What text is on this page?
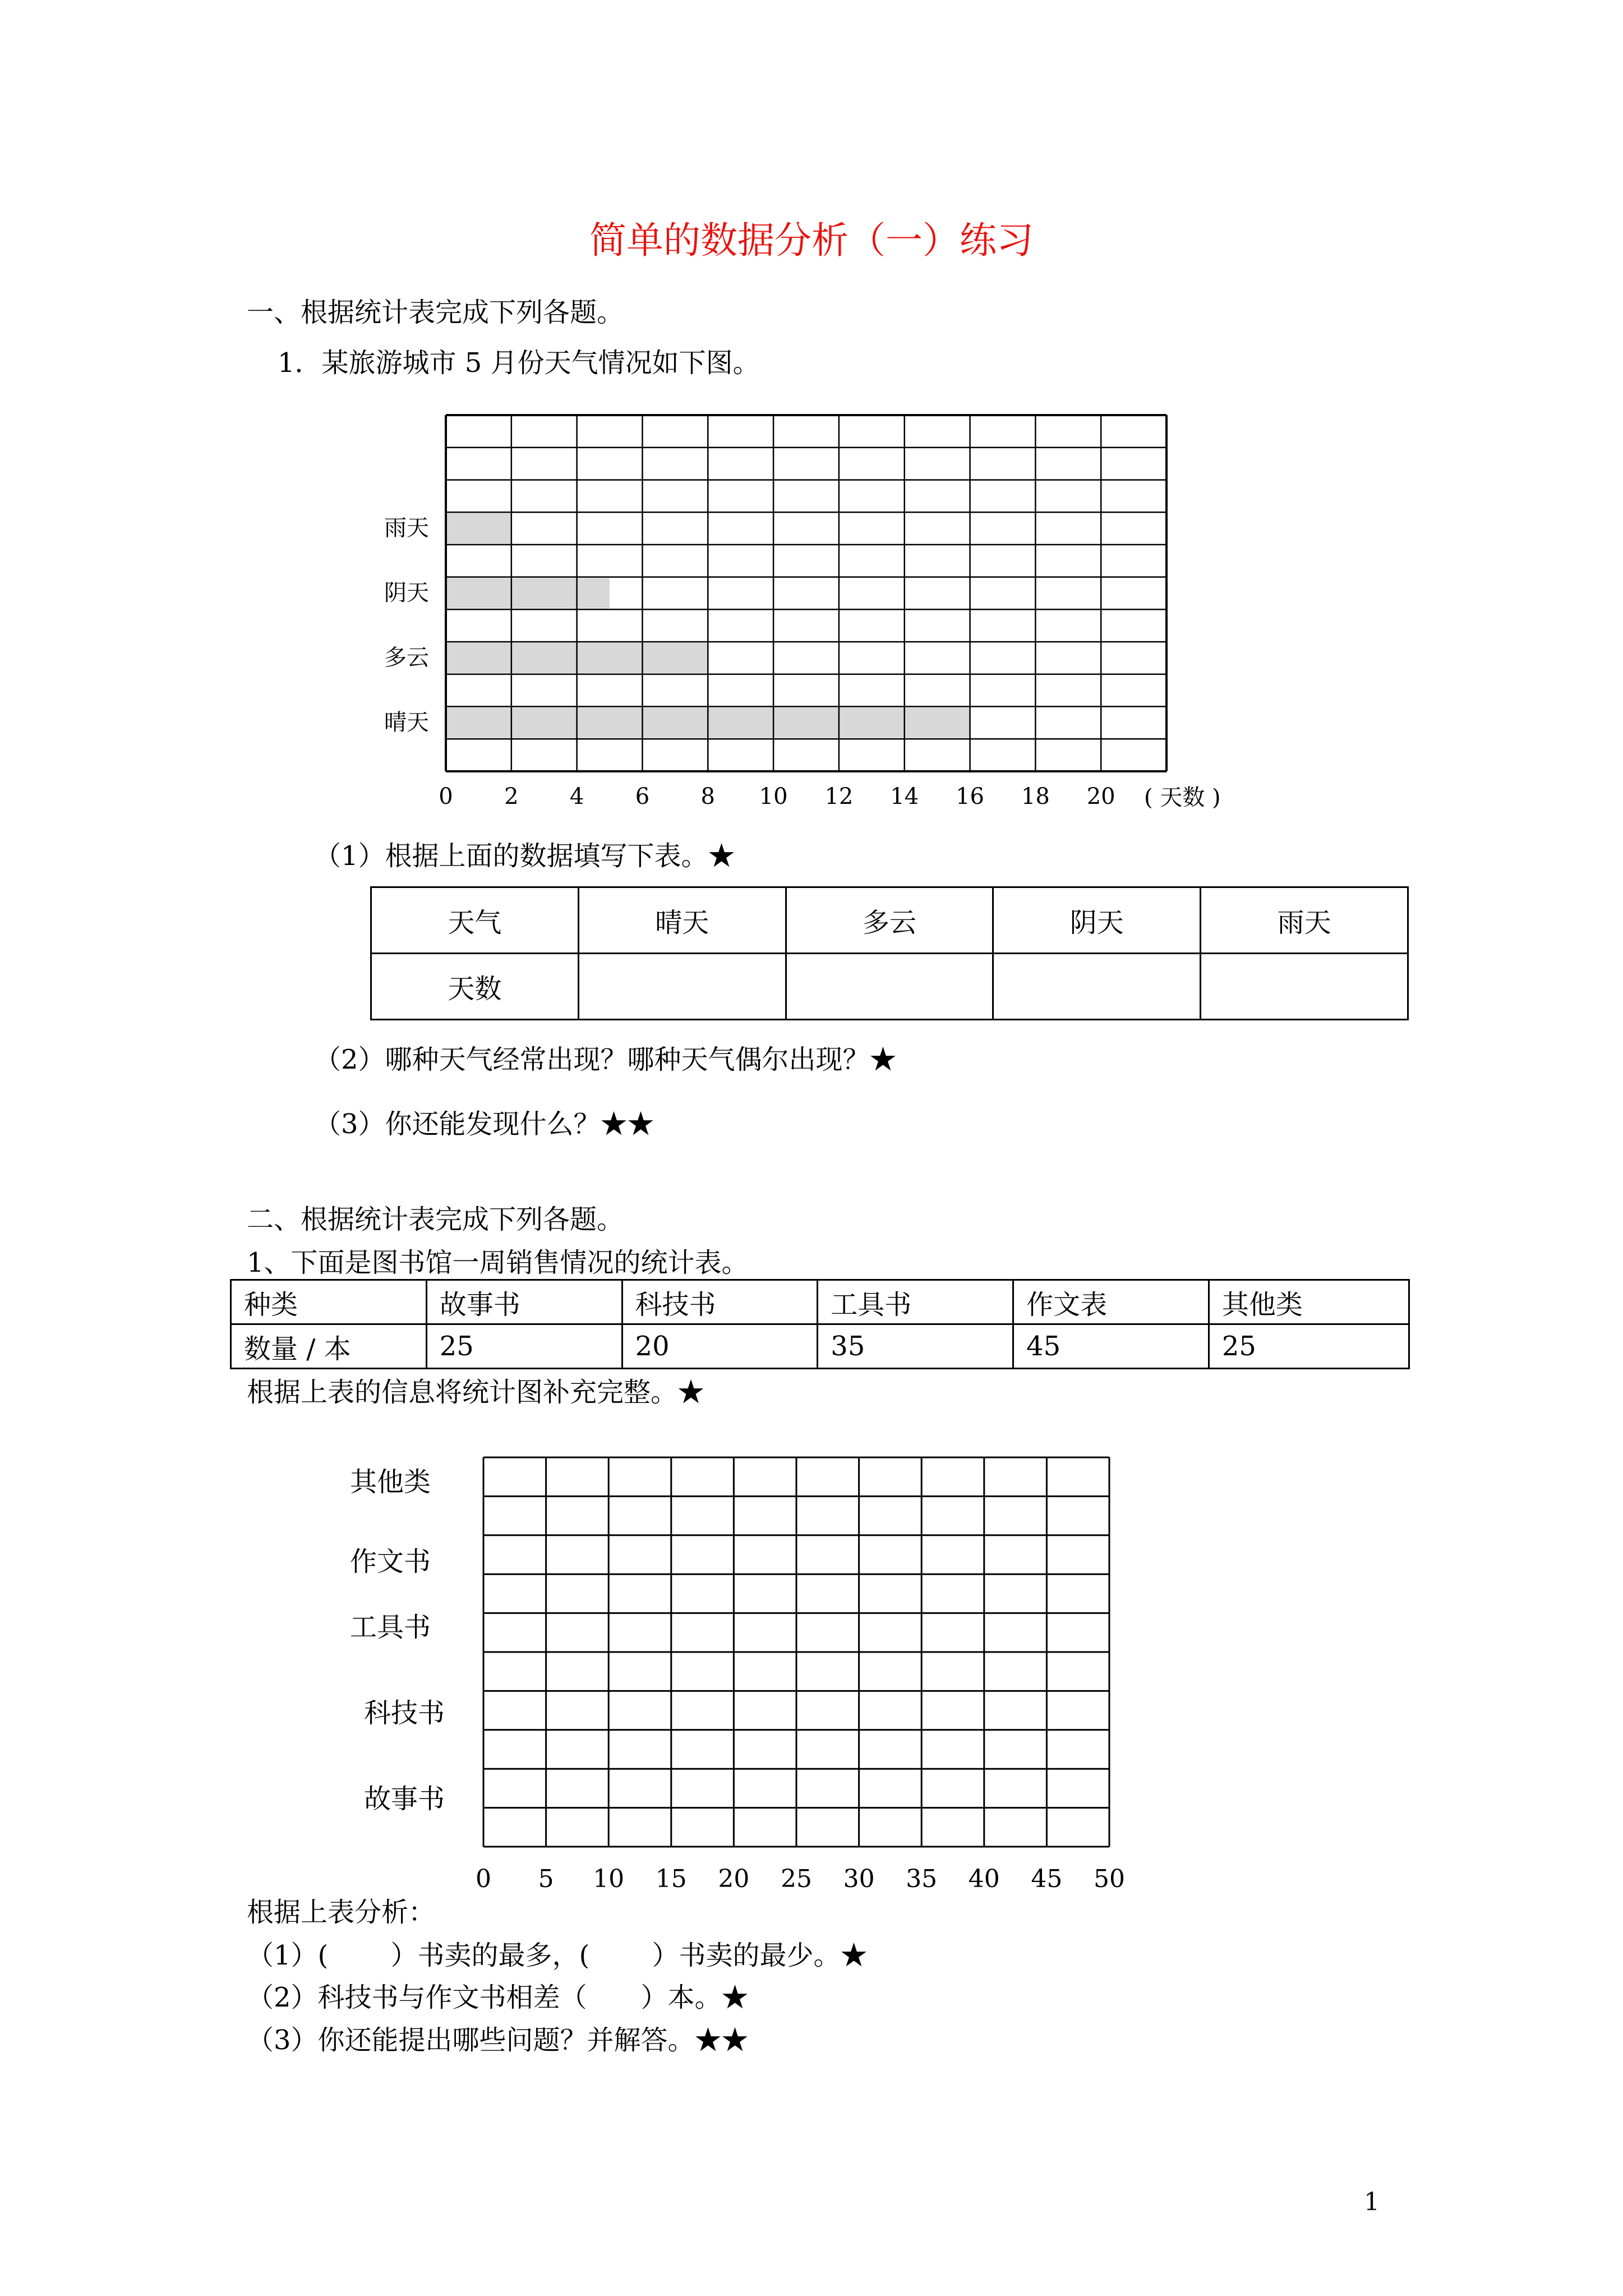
简单的数据分析（一）练习
一、根据统计表完成下列各题。
1．某旅游城市 5 月份天气情况如下图。
雨天
阴天
多云
晴天
0 2 4 6 8 10 12 14 16 18 20 ( 天数 )
（1）根据上面的数据填写下表。★
天气	晴天	多云	阴天	雨天
天数				
（2）哪种天气经常出现？哪种天气偶尔出现？★
（3）你还能发现什么？★★
二、根据统计表完成下列各题。
1、下面是图书馆一周销售情况的统计表。
种类	故事书	科技书	工具书	作文表	其他类
数量 / 本	25	20	35	45	25
根据上表的信息将统计图补充完整。★
其他类
作文书
工具书
科技书
故事书
0 5 10 15 20 25 30 35 40 45 50
根据上表分析：
（1）(　　 ）书卖的最多，(　　 ）书卖的最少。★
（2）科技书与作文书相差（　　）本。★
（3）你还能提出哪些问题？并解答。★★
1
